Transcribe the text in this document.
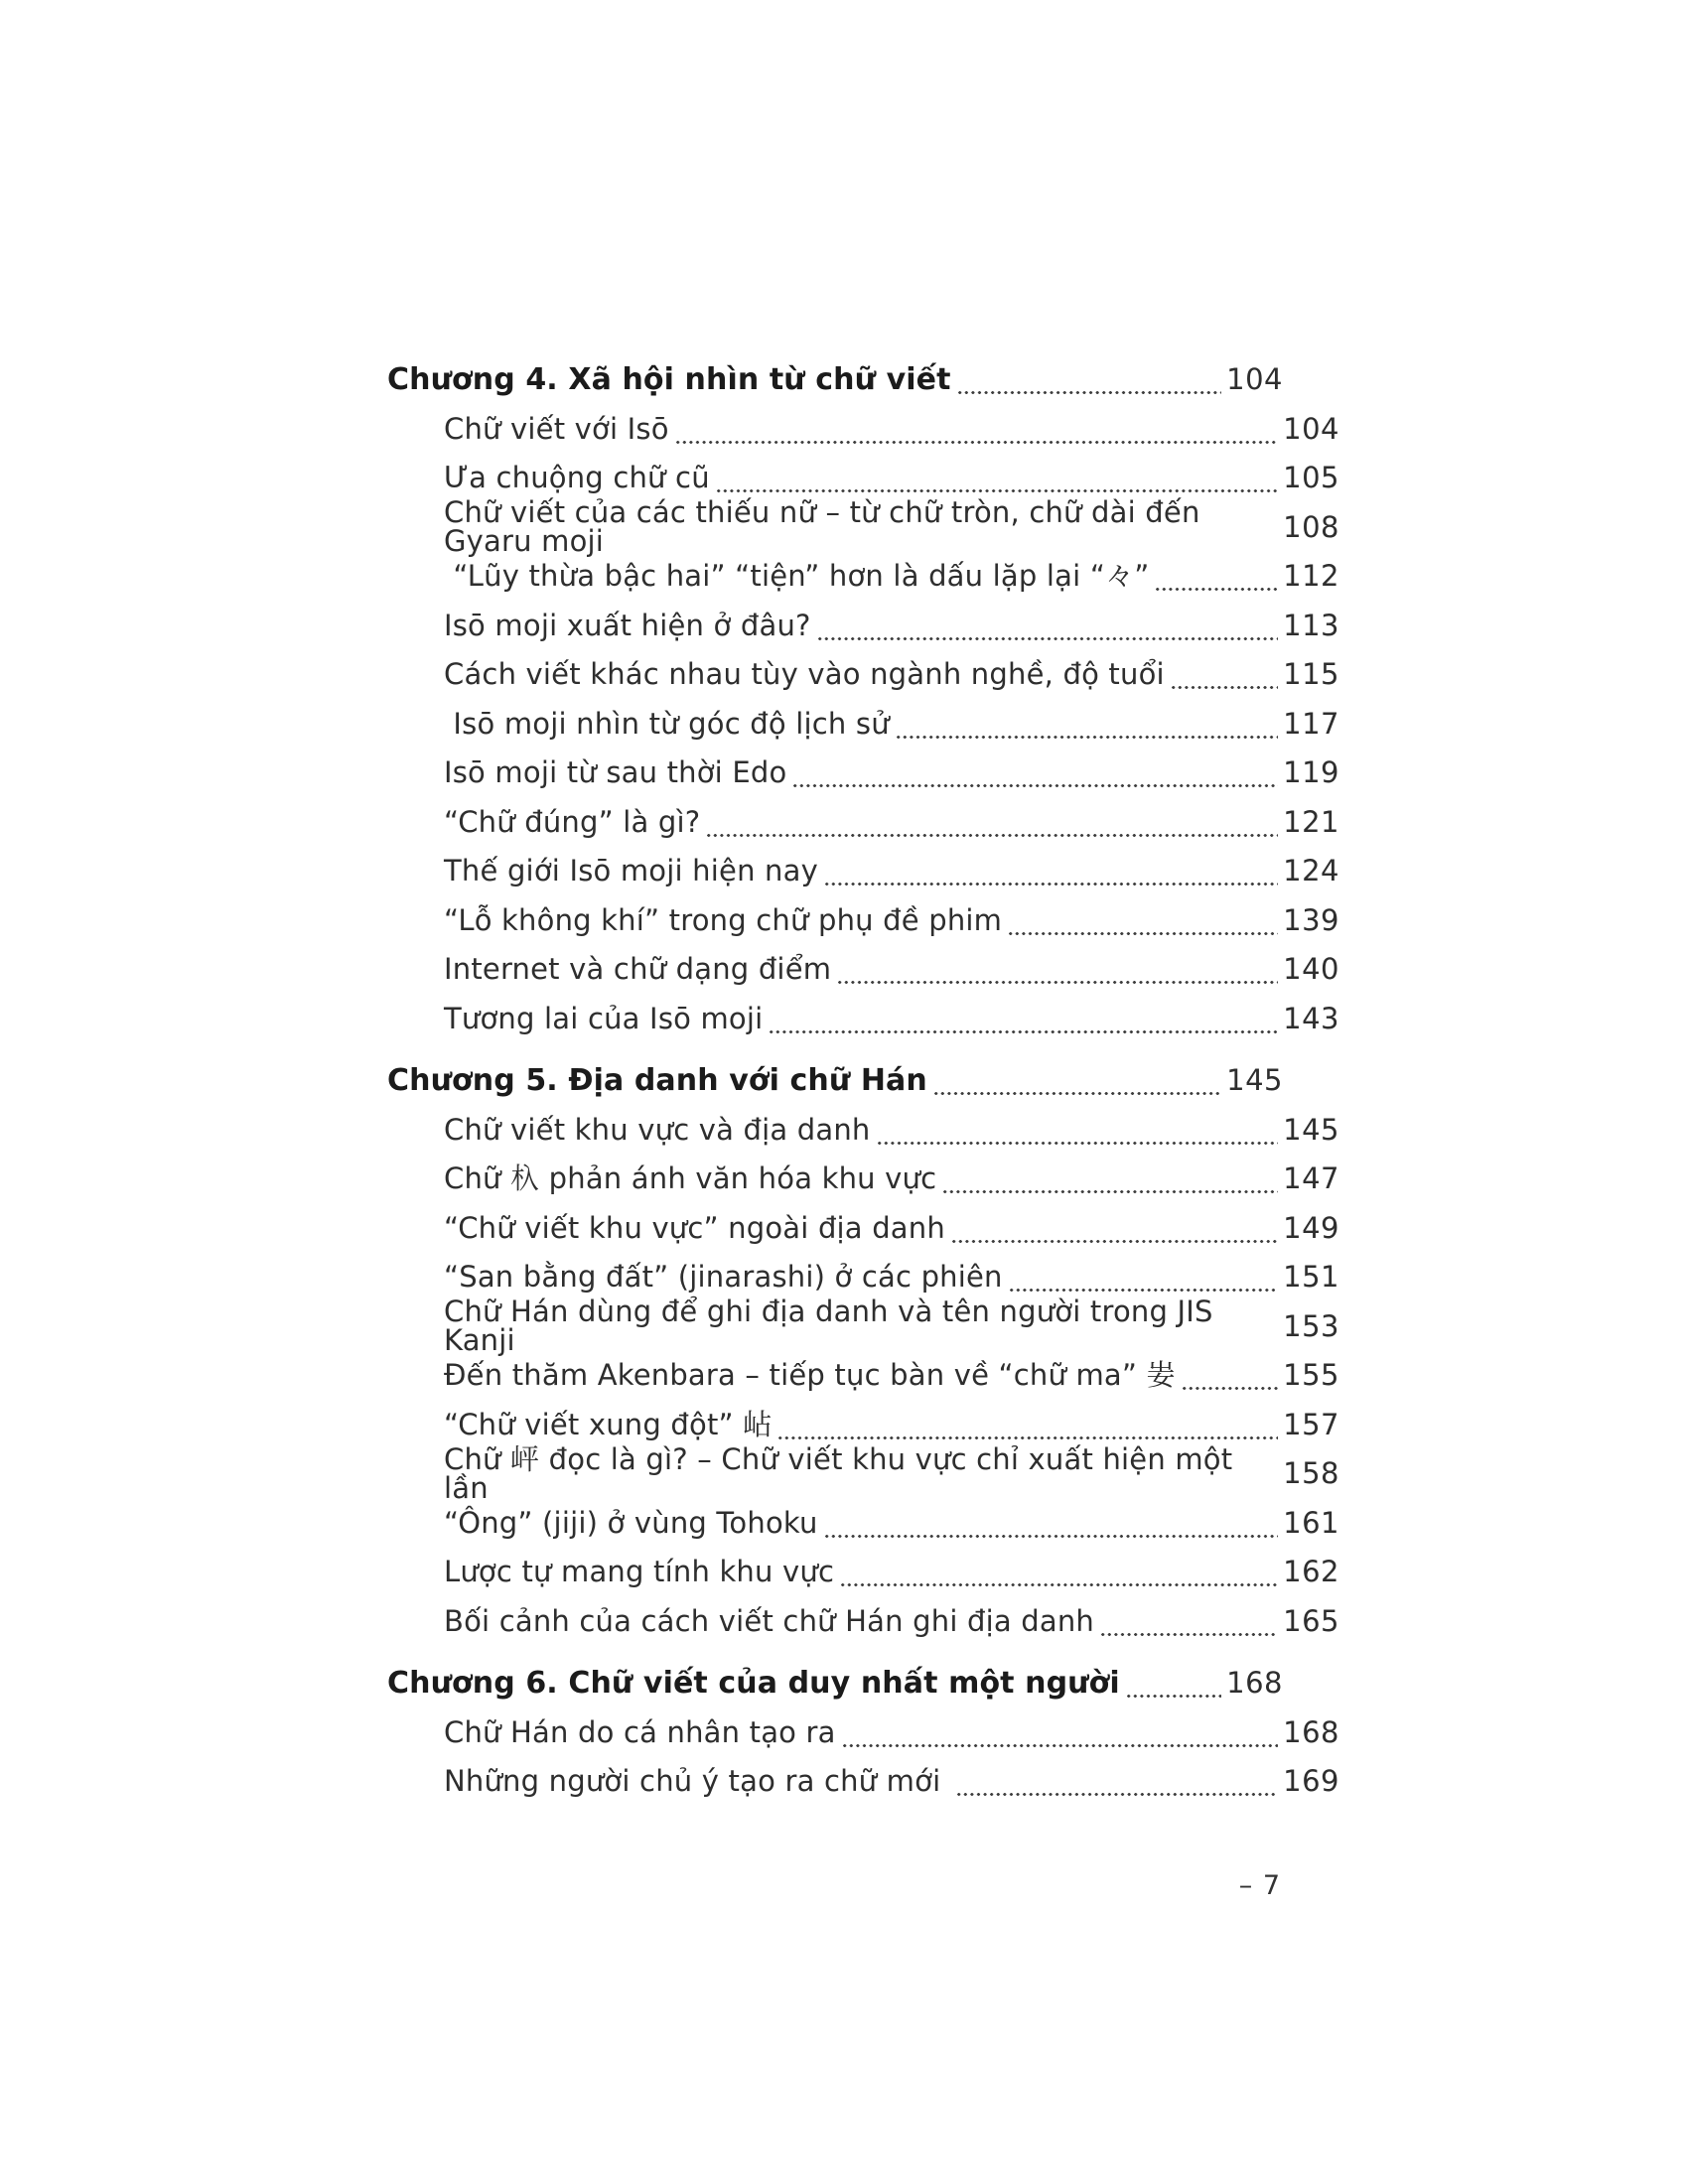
Chương 4. Xã hội nhìn từ chữ viết	104
Chữ viết với Isō	104
Ưa chuộng chữ cũ	105
Chữ viết của các thiếu nữ – từ chữ tròn, chữ dài đến Gyaru moji	108
“Lũy thừa bậc hai” “tiện” hơn là dấu lặp lại “々”	112
Isō moji xuất hiện ở đâu?	113
Cách viết khác nhau tùy vào ngành nghề, độ tuổi	115
Isō moji nhìn từ góc độ lịch sử	117
Isō moji từ sau thời Edo	119
“Chữ đúng” là gì?	121
Thế giới Isō moji hiện nay	124
“Lỗ không khí” trong chữ phụ đề phim	139
Internet và chữ dạng điểm	140
Tương lai của Isō moji	143
Chương 5. Địa danh với chữ Hán	145
Chữ viết khu vực và địa danh	145
Chữ 杁 phản ánh văn hóa khu vực	147
“Chữ viết khu vực” ngoài địa danh	149
“San bằng đất” (jinarashi) ở các phiên	151
Chữ Hán dùng để ghi địa danh và tên người trong JIS Kanji	153
Đến thăm Akenbara – tiếp tục bàn về “chữ ma” 妛	155
“Chữ viết xung đột” 岾	157
Chữ 岼 đọc là gì? – Chữ viết khu vực chỉ xuất hiện một lần	158
“Ông” (jiji) ở vùng Tohoku	161
Lược tự mang tính khu vực	162
Bối cảnh của cách viết chữ Hán ghi địa danh	165
Chương 6. Chữ viết của duy nhất một người	168
Chữ Hán do cá nhân tạo ra	168
Những người chủ ý tạo ra chữ mới	169
– 7
